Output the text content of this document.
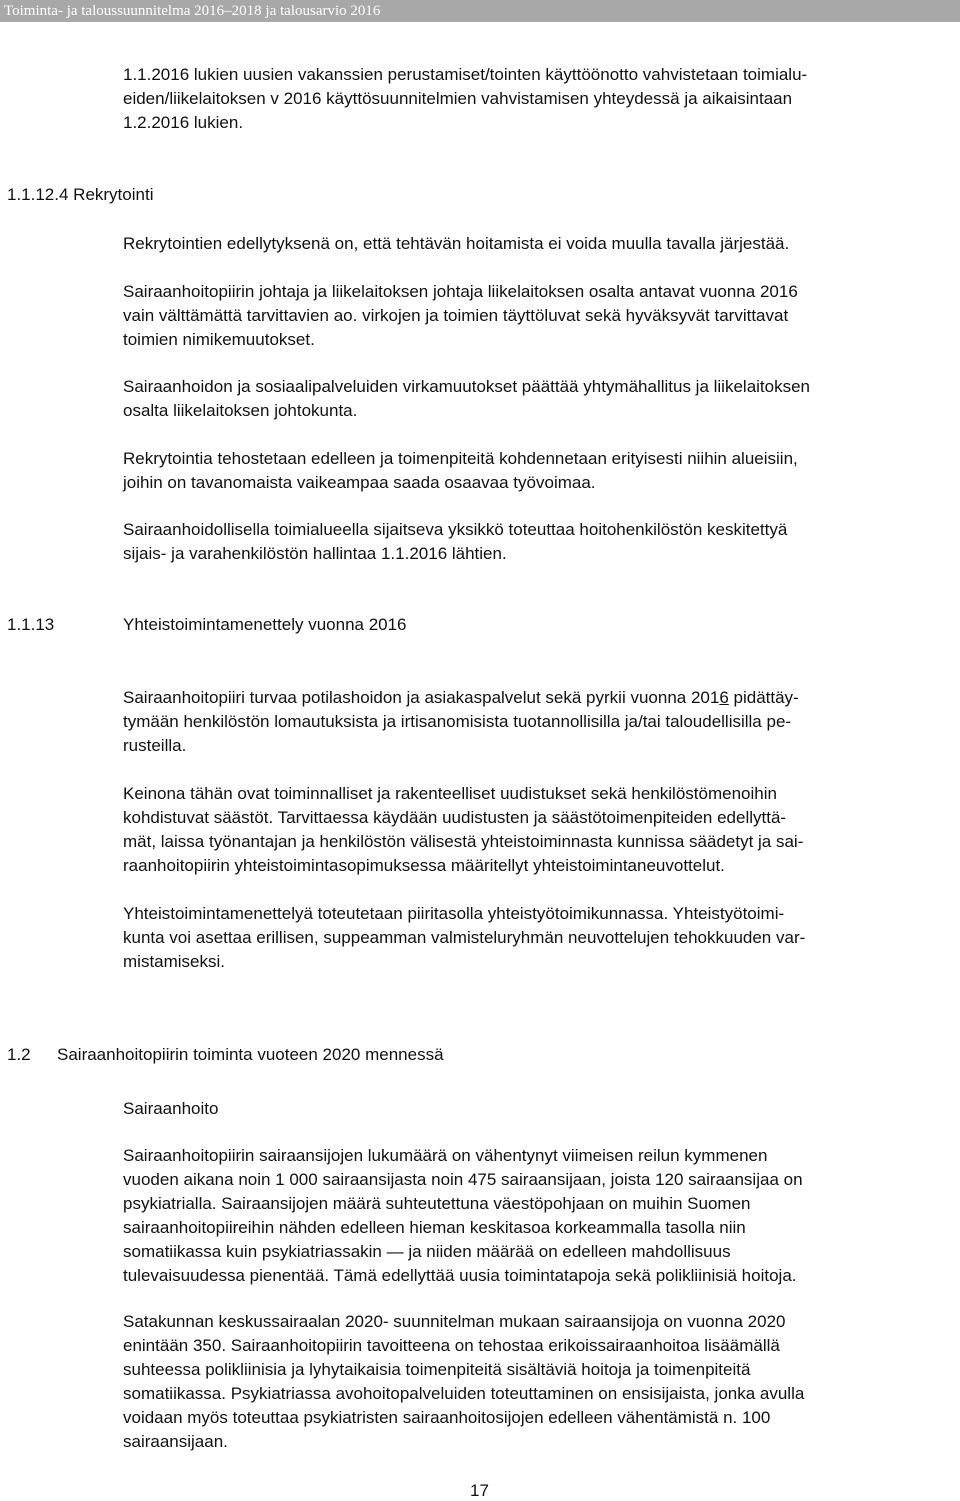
Toiminta- ja taloussuunnitelma 2016–2018 ja talousarvio 2016
1.1.2016 lukien uusien vakanssien perustamiset/tointen käyttöönotto vahvistetaan toimialu-
eiden/liikelaitoksen v 2016 käyttösuunnitelmien vahvistamisen yhteydessä ja aikaisintaan
1.2.2016 lukien.
1.1.12.4 Rekrytointi
Rekrytointien edellytyksenä on, että tehtävän hoitamista ei voida muulla tavalla järjestää.
Sairaanhoitopiirin johtaja ja liikelaitoksen johtaja liikelaitoksen osalta antavat vuonna 2016
vain välttämättä tarvittavien ao. virkojen ja toimien täyttöluvat sekä hyväksyvät tarvittavat
toimien nimikemuutokset.
Sairaanhoidon ja sosiaalipalveluiden virkamuutokset päättää yhtymähallitus ja liikelaitoksen
osalta liikelaitoksen johtokunta.
Rekrytointia tehostetaan edelleen ja toimenpiteitä kohdennetaan erityisesti niihin alueisiin,
joihin on tavanomaista vaikeampaa saada osaavaa työvoimaa.
Sairaanhoidollisella toimialueella sijaitseva yksikkö toteuttaa hoitohenkilöstön keskitettyä
sijais- ja varahenkilöstön hallintaa 1.1.2016 lähtien.
1.1.13	Yhteistoimintamenettely vuonna 2016
Sairaanhoitopiiri turvaa potilashoidon ja asiakaspalvelut sekä pyrkii vuonna 2016 pidättäy-
tymään henkilöstön lomautuksista ja irtisanomisista tuotannollisilla ja/tai taloudellisilla pe-
rusteilla.
Keinona tähän ovat toiminnalliset ja rakenteelliset uudistukset sekä henkilöstömenoihin
kohdistuvat säästöt. Tarvittaessa käydään uudistusten ja säästötoimenpiteiden edellyttä-
mät, laissa työnantajan ja henkilöstön välisestä yhteistoiminnasta kunnissa säädetyt ja sai-
raanhoitopiirin yhteistoimintasopimuksessa määritellyt yhteistoimintaneuvottelut.
Yhteistoimintamenettelyä toteutetaan piiritasolla yhteistyötoimikunnassa. Yhteistyötoimi-
kunta voi asettaa erillisen, suppeamman valmisteluryhmän neuvottelujen tehokkuuden var-
mistamiseksi.
1.2 Sairaanhoitopiirin toiminta vuoteen 2020 mennessä
Sairaanhoito
Sairaanhoitopiirin sairaansijojen lukumäärä on vähentynyt viimeisen reilun kymmenen
vuoden aikana noin 1 000 sairaansijasta noin 475 sairaansijaan, joista 120 sairaansijaa on
psykiatrialla. Sairaansijojen määrä suhteutettuna väestöpohjaan on muihin Suomen
sairaanhoitopiireihin nähden edelleen hieman keskitasoa korkeammalla tasolla niin
somatiikassa kuin psykiatriassakin — ja niiden määrää on edelleen mahdollisuus
tulevaisuudessa pienentää. Tämä edellyttää uusia toimintatapoja sekä polikliinisiä hoitoja.
Satakunnan keskussairaalan 2020- suunnitelman mukaan sairaansijoja on vuonna 2020
enintään 350. Sairaanhoitopiirin tavoitteena on tehostaa erikoissairaanhoitoa lisäämällä
suhteessa polikliinisia ja lyhytaikaisia toimenpiteitä sisältäviä hoitoja ja toimenpiteitä
somatiikassa. Psykiatriassa avohoitopalveluiden toteuttaminen on ensisijaista, jonka avulla
voidaan myös toteuttaa psykiatristen sairaanhoitosijojen edelleen vähentämistä n. 100
sairaansijaan.
17
